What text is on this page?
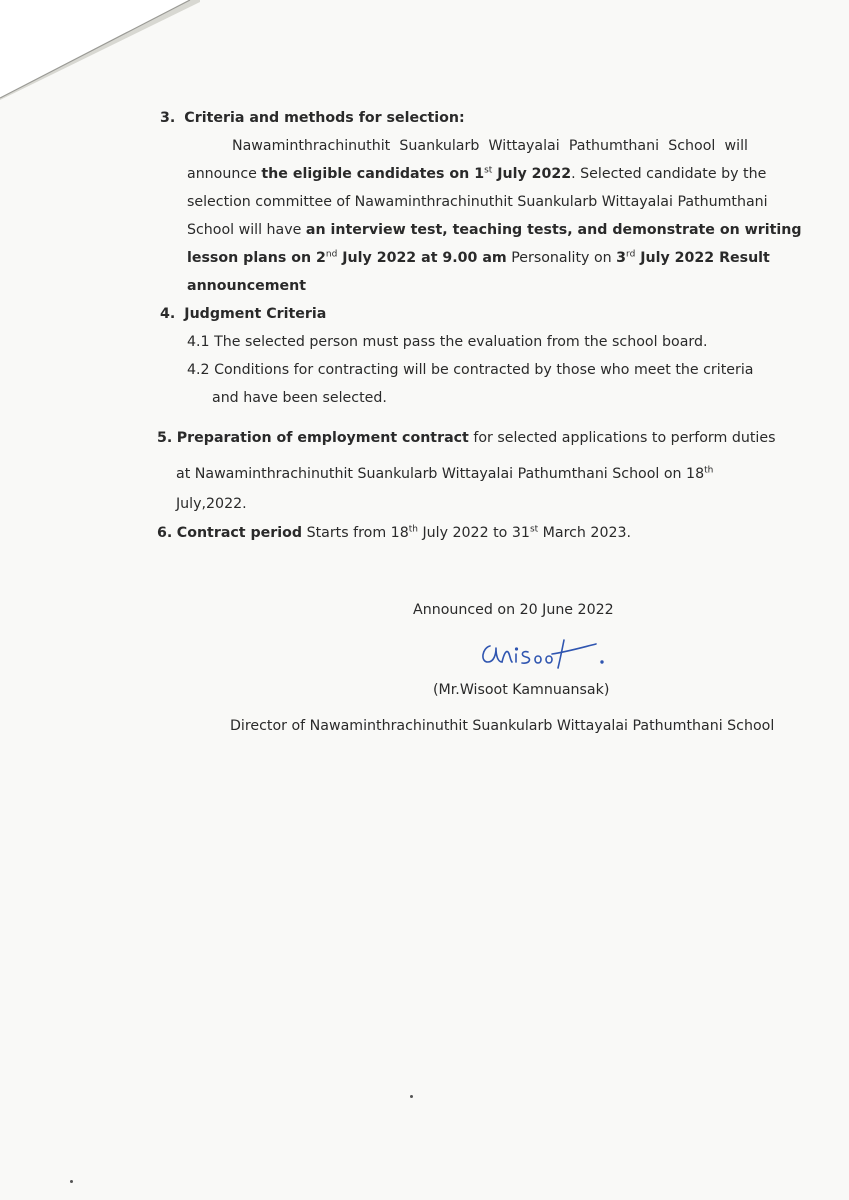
3. Criteria and methods for selection:
Nawaminthrachinuthit Suankularb Wittayalai Pathumthani School will
announce the eligible candidates on 1st July 2022. Selected candidate by the
selection committee of Nawaminthrachinuthit Suankularb Wittayalai Pathumthani
School will have an interview test, teaching tests, and demonstrate on writing
lesson plans on 2nd July 2022 at 9.00 am Personality on 3rd July 2022 Result
announcement
4. Judgment Criteria
4.1 The selected person must pass the evaluation from the school board.
4.2 Conditions for contracting will be contracted by those who meet the criteria
and have been selected.
5. Preparation of employment contract for selected applications to perform duties
at Nawaminthrachinuthit Suankularb Wittayalai Pathumthani School on 18th
July,2022.
6. Contract period Starts from 18th July 2022 to 31st March 2023.
Announced on 20 June 2022
(Mr.Wisoot Kamnuansak)
Director of Nawaminthrachinuthit Suankularb Wittayalai Pathumthani School
